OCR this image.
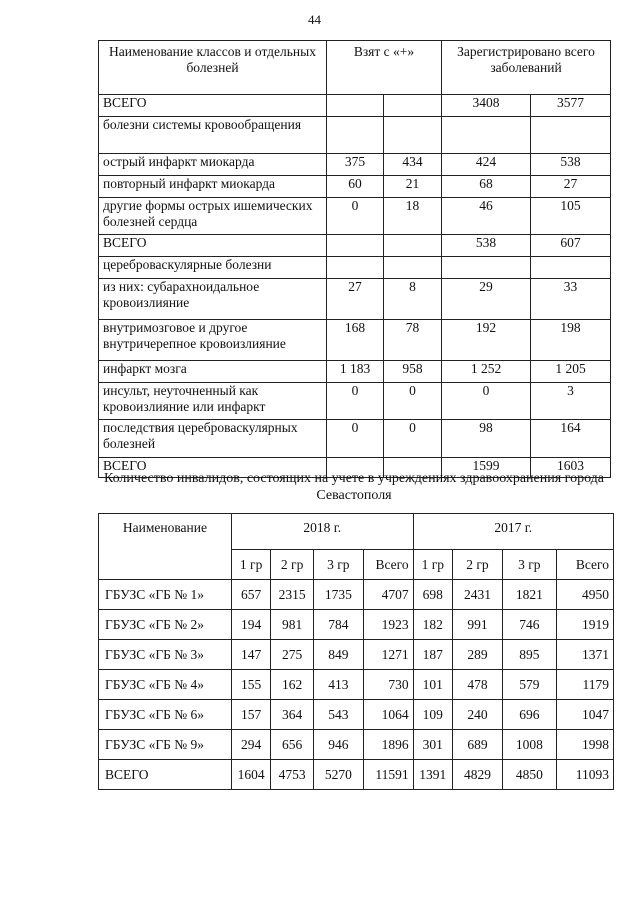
44
Наименование классов и отдельных болезней	Взят с «+»		Зарегистрировано всего заболеваний	
ВСЕГО			3408	3577
болезни системы кровообращения				
острый инфаркт миокарда	375	434	424	538
повторный инфаркт миокарда	60	21	68	27
другие формы острых ишемических болезней сердца	0	18	46	105
ВСЕГО			538	607
цереброваскулярные болезни				
из них: субарахноидальное кровоизлияние	27	8	29	33
внутримозговое и другое внутричерепное кровоизлияние	168	78	192	198
инфаркт мозга	1 183	958	1 252	1 205
инсульт, неуточненный как кровоизлияние или инфаркт	0	0	0	3
последствия цереброваскулярных болезней	0	0	98	164
ВСЕГО			1599	1603
Количество инвалидов, состоящих на учете в учреждениях здравоохранения города Севастополя
Наименование	2018 г.				2017 г.			
	1 гр	2 гр	3 гр	Всего	1 гр	2 гр	3 гр	Всего
ГБУЗС «ГБ № 1»	657	2315	1735	4707	698	2431	1821	4950
ГБУЗС «ГБ № 2»	194	981	784	1923	182	991	746	1919
ГБУЗС «ГБ № 3»	147	275	849	1271	187	289	895	1371
ГБУЗС «ГБ № 4»	155	162	413	730	101	478	579	1179
ГБУЗС «ГБ № 6»	157	364	543	1064	109	240	696	1047
ГБУЗС «ГБ № 9»	294	656	946	1896	301	689	1008	1998
ВСЕГО	1604	4753	5270	11591	1391	4829	4850	11093
